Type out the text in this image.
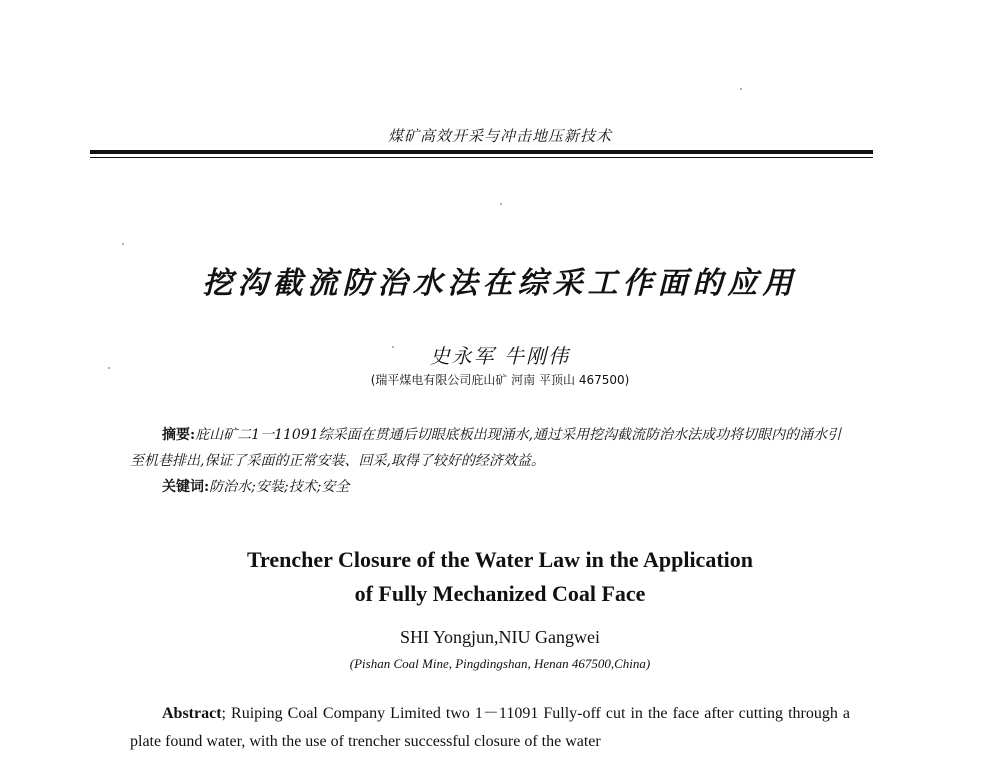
煤矿高效开采与冲击地压新技术
挖沟截流防治水法在综采工作面的应用
史永军 牛刚伟
(瑞平煤电有限公司庇山矿 河南 平顶山 467500)

摘要:庇山矿二1一11091综采面在贯通后切眼底板出现涌水,通过采用挖沟截流防治水法成功将切眼内的涌水引至机巷排出,保证了采面的正常安装、回采,取得了较好的经济效益。

关键词:防治水;安装;技术;安全
Trencher Closure of the Water Law in the Application
of Fully Mechanized Coal Face
SHI Yongjun,NIU Gangwei
(Pishan Coal Mine, Pingdingshan, Henan 467500,China)

Abstract; Ruiping Coal Company Limited two 1－11091 Fully-off cut in the face after cutting through a plate found water, with the use of trencher successful closure of the water
